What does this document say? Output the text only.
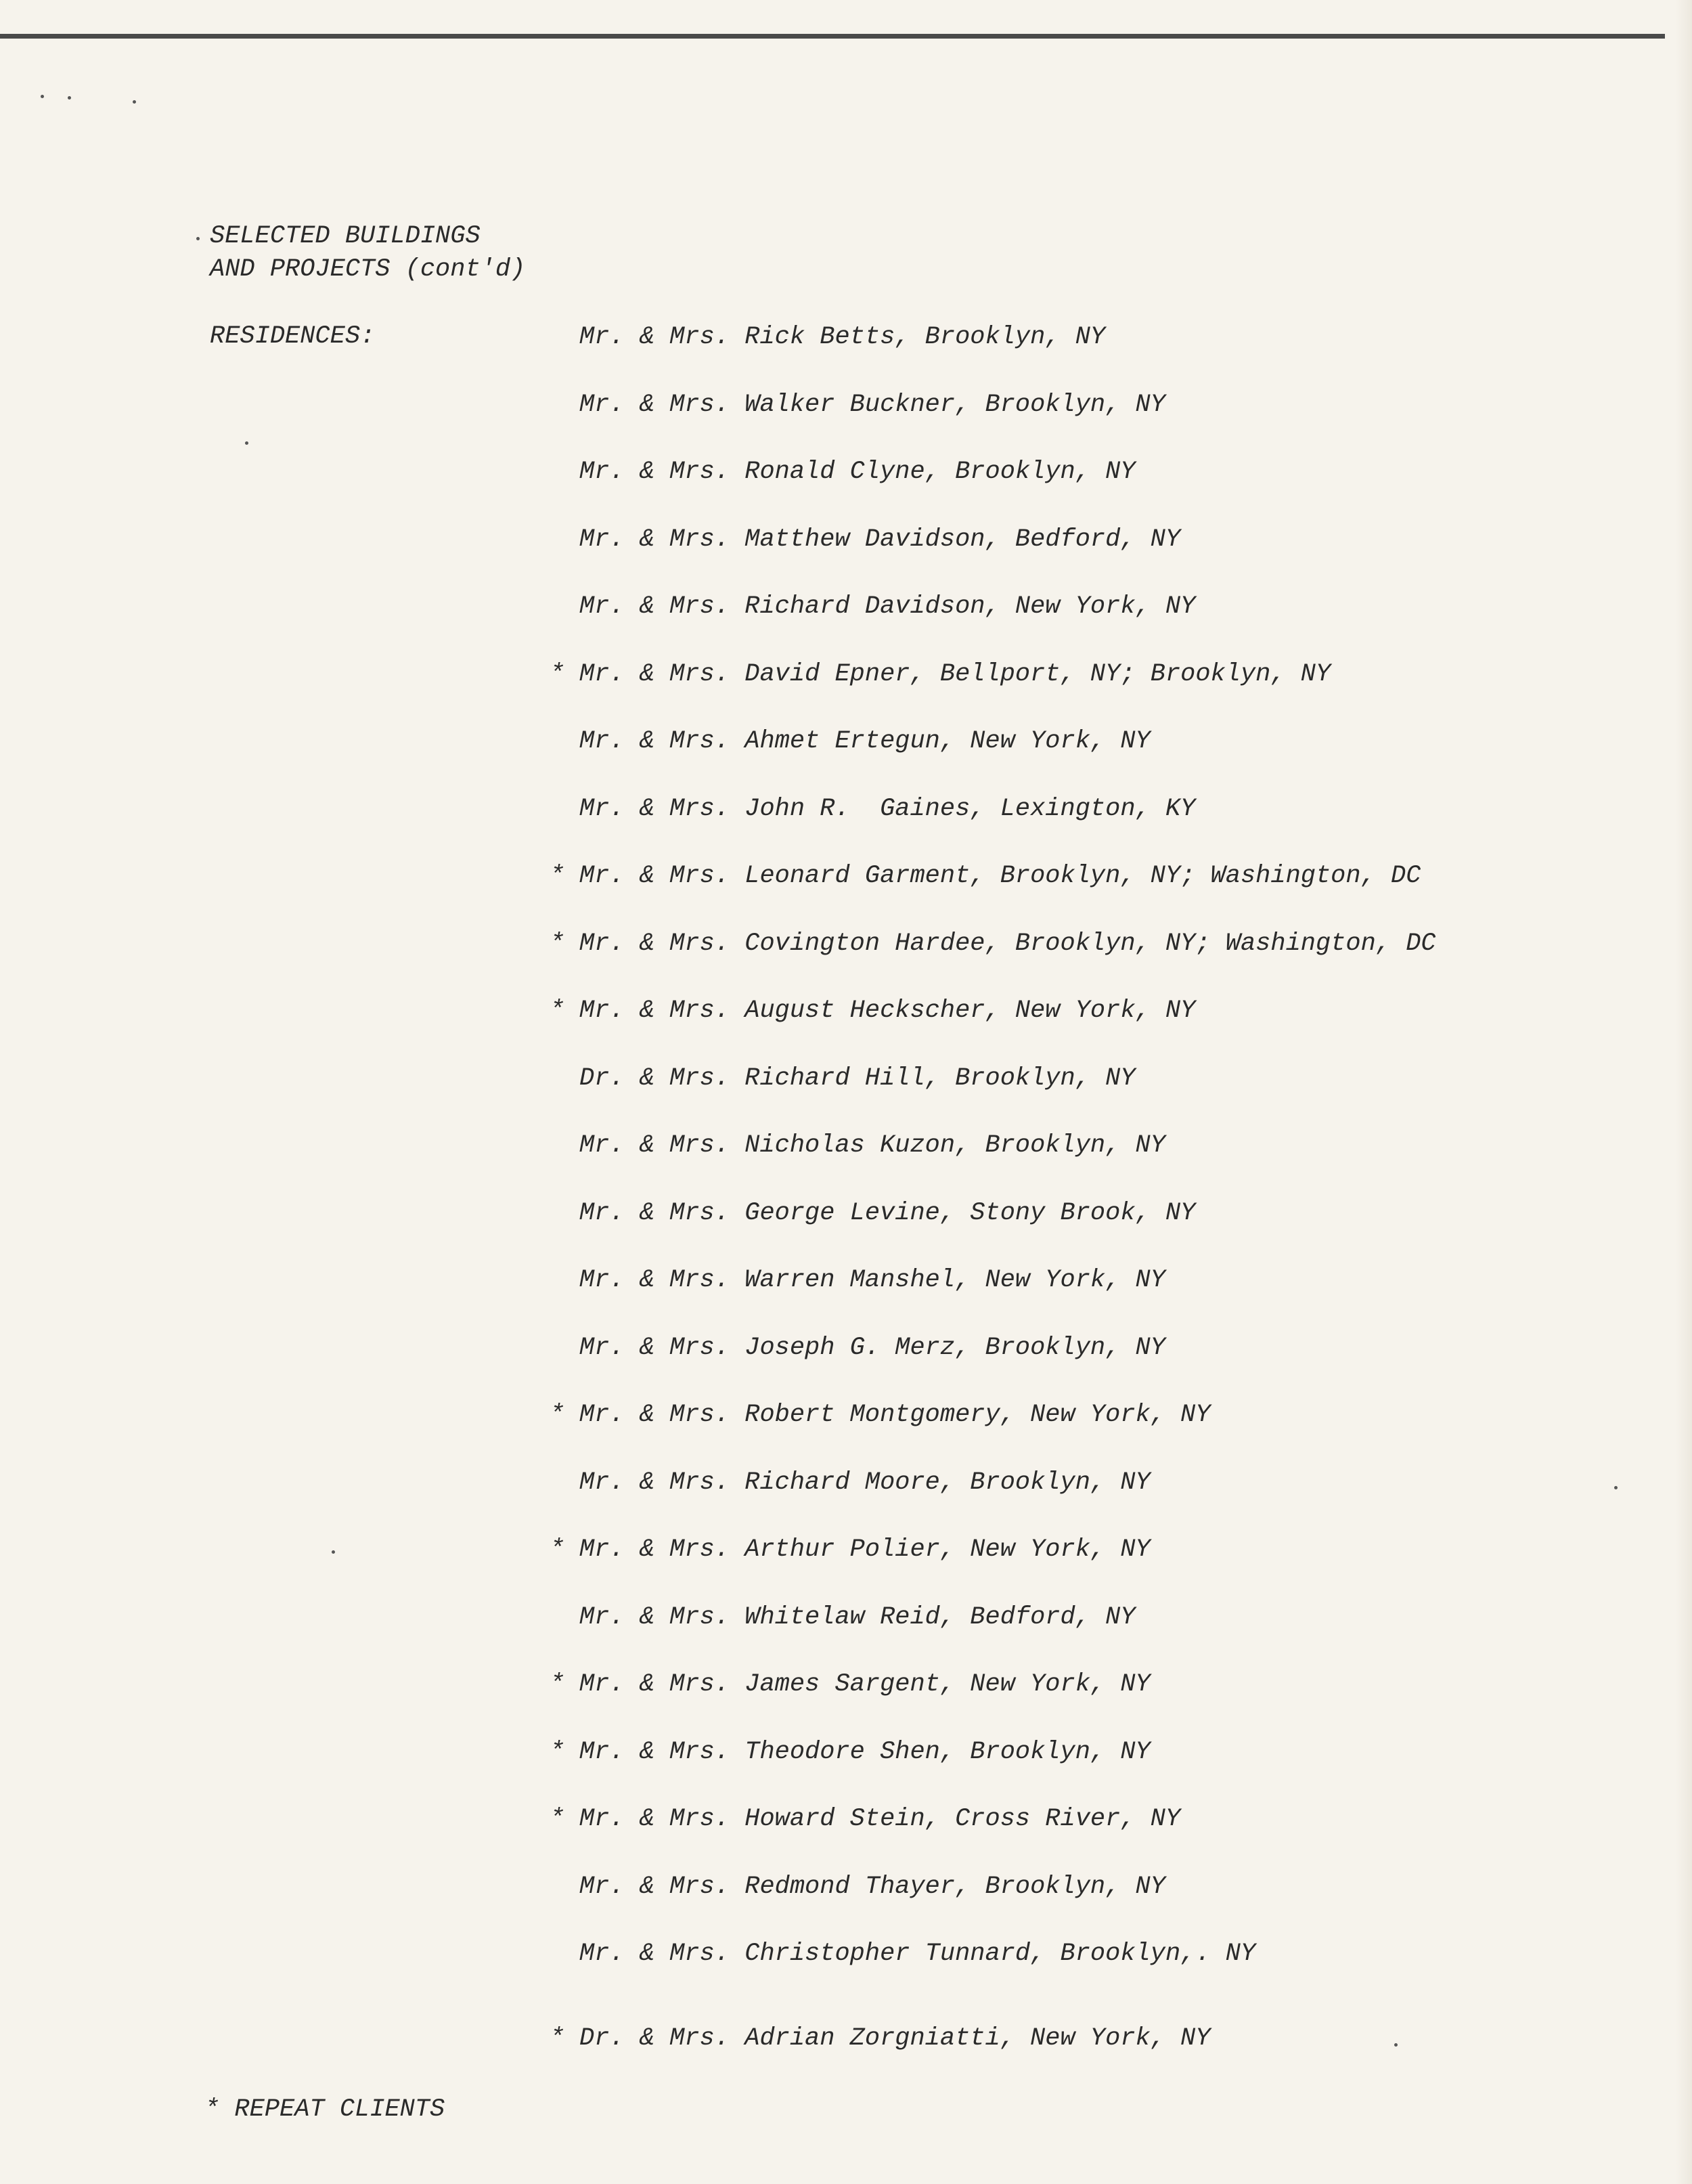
SELECTED BUILDINGS
AND PROJECTS (cont'd)
RESIDENCES:	Mr. & Mrs. Rick Betts, Brooklyn, NY
Mr. & Mrs. Walker Buckner, Brooklyn, NY
Mr. & Mrs. Ronald Clyne, Brooklyn, NY
Mr. & Mrs. Matthew Davidson, Bedford, NY
Mr. & Mrs. Richard Davidson, New York, NY
* Mr. & Mrs. David Epner, Bellport, NY; Brooklyn, NY
Mr. & Mrs. Ahmet Ertegun, New York, NY
Mr. & Mrs. John R.  Gaines, Lexington, KY
* Mr. & Mrs. Leonard Garment, Brooklyn, NY; Washington, DC
* Mr. & Mrs. Covington Hardee, Brooklyn, NY; Washington, DC
* Mr. & Mrs. August Heckscher, New York, NY
Dr. & Mrs. Richard Hill, Brooklyn, NY
Mr. & Mrs. Nicholas Kuzon, Brooklyn, NY
Mr. & Mrs. George Levine, Stony Brook, NY
Mr. & Mrs. Warren Manshel, New York, NY
Mr. & Mrs. Joseph G. Merz, Brooklyn, NY
* Mr. & Mrs. Robert Montgomery, New York, NY
Mr. & Mrs. Richard Moore, Brooklyn, NY
* Mr. & Mrs. Arthur Polier, New York, NY
Mr. & Mrs. Whitelaw Reid, Bedford, NY
* Mr. & Mrs. James Sargent, New York, NY
* Mr. & Mrs. Theodore Shen, Brooklyn, NY
* Mr. & Mrs. Howard Stein, Cross River, NY
Mr. & Mrs. Redmond Thayer, Brooklyn, NY
Mr. & Mrs. Christopher Tunnard, Brooklyn,. NY
* Dr. & Mrs. Adrian Zorgniatti, New York, NY
* REPEAT CLIENTS
